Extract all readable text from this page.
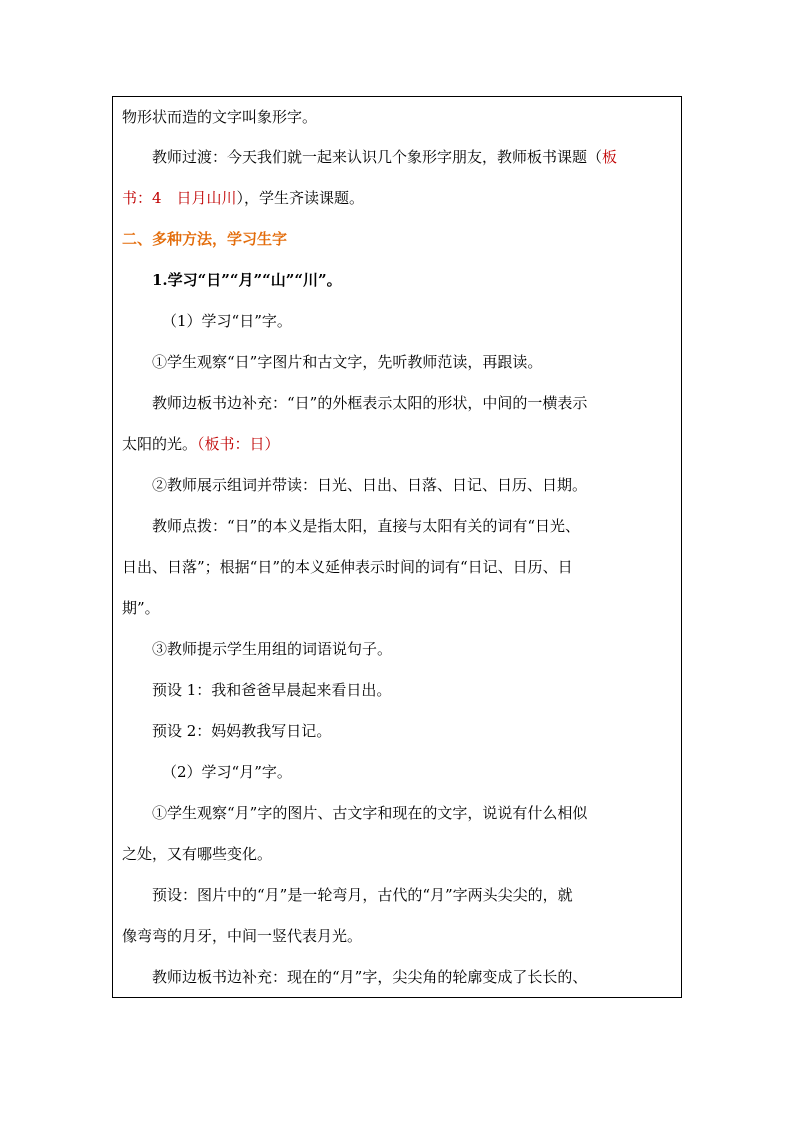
物形状而造的文字叫象形字。
教师过渡：今天我们就一起来认识几个象形字朋友，教师板书课题（板
书：4　日月山川），学生齐读课题。
二、多种方法，学习生字
1.学习“日”“月”“山”“川”。
（1）学习“日”字。
①学生观察“日”字图片和古文字，先听教师范读，再跟读。
教师边板书边补充：“日”的外框表示太阳的形状，中间的一横表示
太阳的光。（板书：日）
②教师展示组词并带读：日光、日出、日落、日记、日历、日期。
教师点拨：“日”的本义是指太阳，直接与太阳有关的词有“日光、
日出、日落”；根据“日”的本义延伸表示时间的词有“日记、日历、日
期”。
③教师提示学生用组的词语说句子。
预设 1：我和爸爸早晨起来看日出。
预设 2：妈妈教我写日记。
（2）学习“月”字。
①学生观察“月”字的图片、古文字和现在的文字，说说有什么相似
之处，又有哪些变化。
预设：图片中的“月”是一轮弯月，古代的“月”字两头尖尖的，就
像弯弯的月牙，中间一竖代表月光。
教师边板书边补充：现在的“月”字，尖尖角的轮廓变成了长长的、
